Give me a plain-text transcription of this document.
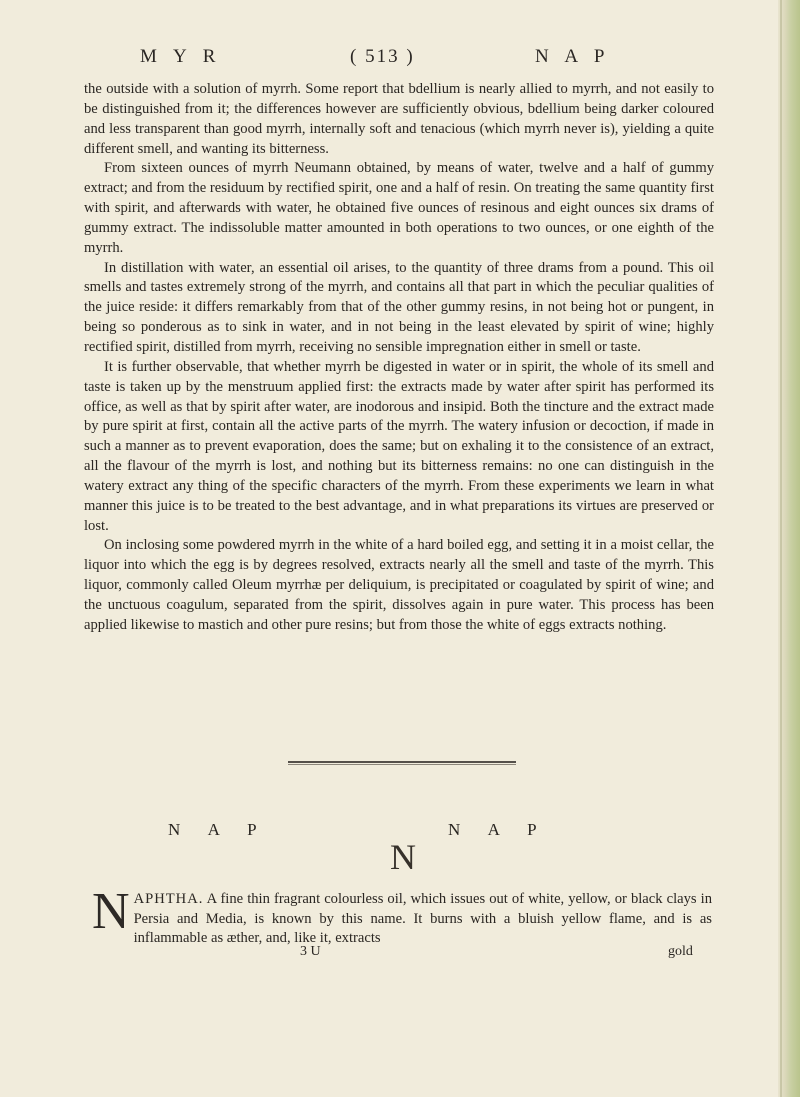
M Y R	( 513 )	N A P

the outside with a solution of myrrh. Some report that bdellium is nearly allied to myrrh, and not easily to be distinguished from it; the differences however are sufficiently obvious, bdellium being darker coloured and less transparent than good myrrh, internally soft and tenacious (which myrrh never is), yielding a quite different smell, and wanting its bitterness.

From sixteen ounces of myrrh Neumann obtained, by means of water, twelve and a half of gummy extract; and from the residuum by rectified spirit, one and a half of resin. On treating the same quantity first with spirit, and afterwards with water, he obtained five ounces of resinous and eight ounces six drams of gummy extract. The indissoluble matter amounted in both operations to two ounces, or one eighth of the myrrh.

In distillation with water, an essential oil arises, to the quantity of three drams from a pound. This oil smells and tastes extremely strong of the myrrh, and contains all that part in which the peculiar qualities of the juice reside: it differs remarkably from that of the other gummy resins, in not being hot or pungent, in being so ponderous as to sink in water, and in not being in the least elevated by spirit of wine; highly rectified spirit, distilled from myrrh, receiving no sensible impregnation either in smell or taste.

It is further observable, that whether myrrh be digested in water or in spirit, the whole of its smell and taste is taken up by the menstruum applied first: the extracts made by water after spirit has performed its office, as well as that by spirit after water, are inodorous and insipid. Both the tincture and the extract made by pure spirit at first, contain all the active parts of the myrrh. The watery infusion or decoction, if made in such a manner as to prevent evaporation, does the same; but on exhaling it to the consistence of an extract, all the flavour of the myrrh is lost, and nothing but its bitterness remains: no one can distinguish in the watery extract any thing of the specific characters of the myrrh. From these experiments we learn in what manner this juice is to be treated to the best advantage, and in what preparations its virtues are preserved or lost.

On inclosing some powdered myrrh in the white of a hard boiled egg, and setting it in a moist cellar, the liquor into which the egg is by degrees resolved, extracts nearly all the smell and taste of the myrrh. This liquor, commonly called Oleum myrrhæ per deliquium, is precipitated or coagulated by spirit of wine; and the unctuous coagulum, separated from the spirit, dissolves again in pure water. This process has been applied likewise to mastich and other pure resins; but from those the white of eggs extracts nothing.

N A P	N A P
N
NAPHTHA. A fine thin fragrant colourless oil, which issues out of white, yellow, or black clays in Persia and Media, is known by this name. It burns with a bluish yellow flame, and is as inflammable as æther, and, like it, extracts
3 U	gold
